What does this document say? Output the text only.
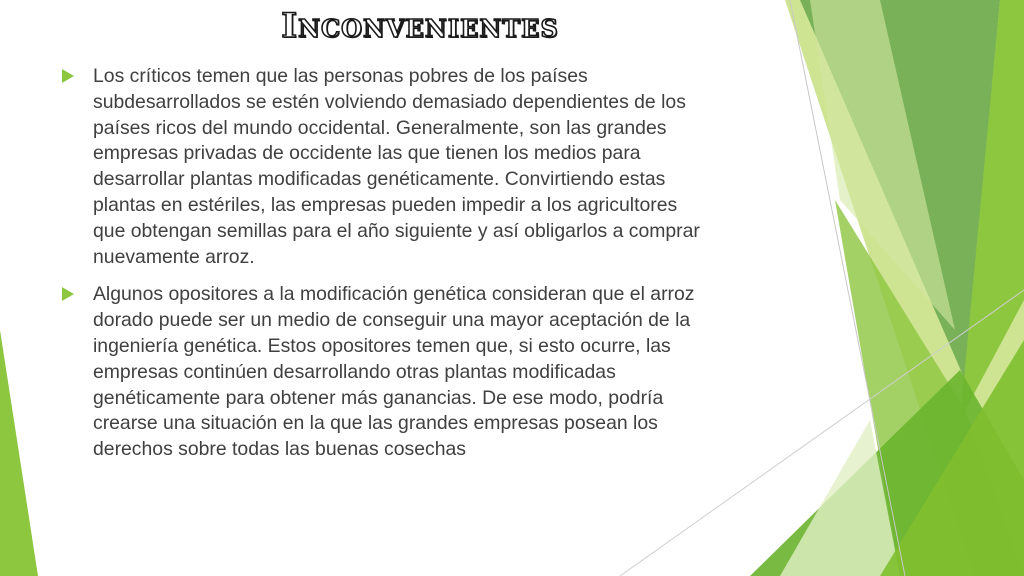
Inconvenientes
Los críticos temen que las personas pobres de los países subdesarrollados se estén volviendo demasiado dependientes de los países ricos del mundo occidental. Generalmente, son las grandes empresas privadas de occidente las que tienen los medios para desarrollar plantas modificadas genéticamente. Convirtiendo estas plantas en estériles, las empresas pueden impedir a los agricultores que obtengan semillas para el año siguiente y así obligarlos a comprar nuevamente arroz.
Algunos opositores a la modificación genética consideran que el arroz dorado puede ser un medio de conseguir una mayor aceptación de la ingeniería genética. Estos opositores temen que, si esto ocurre, las empresas continúen desarrollando otras plantas modificadas genéticamente para obtener más ganancias. De ese modo, podría crearse una situación en la que las grandes empresas posean los derechos sobre todas las buenas cosechas
